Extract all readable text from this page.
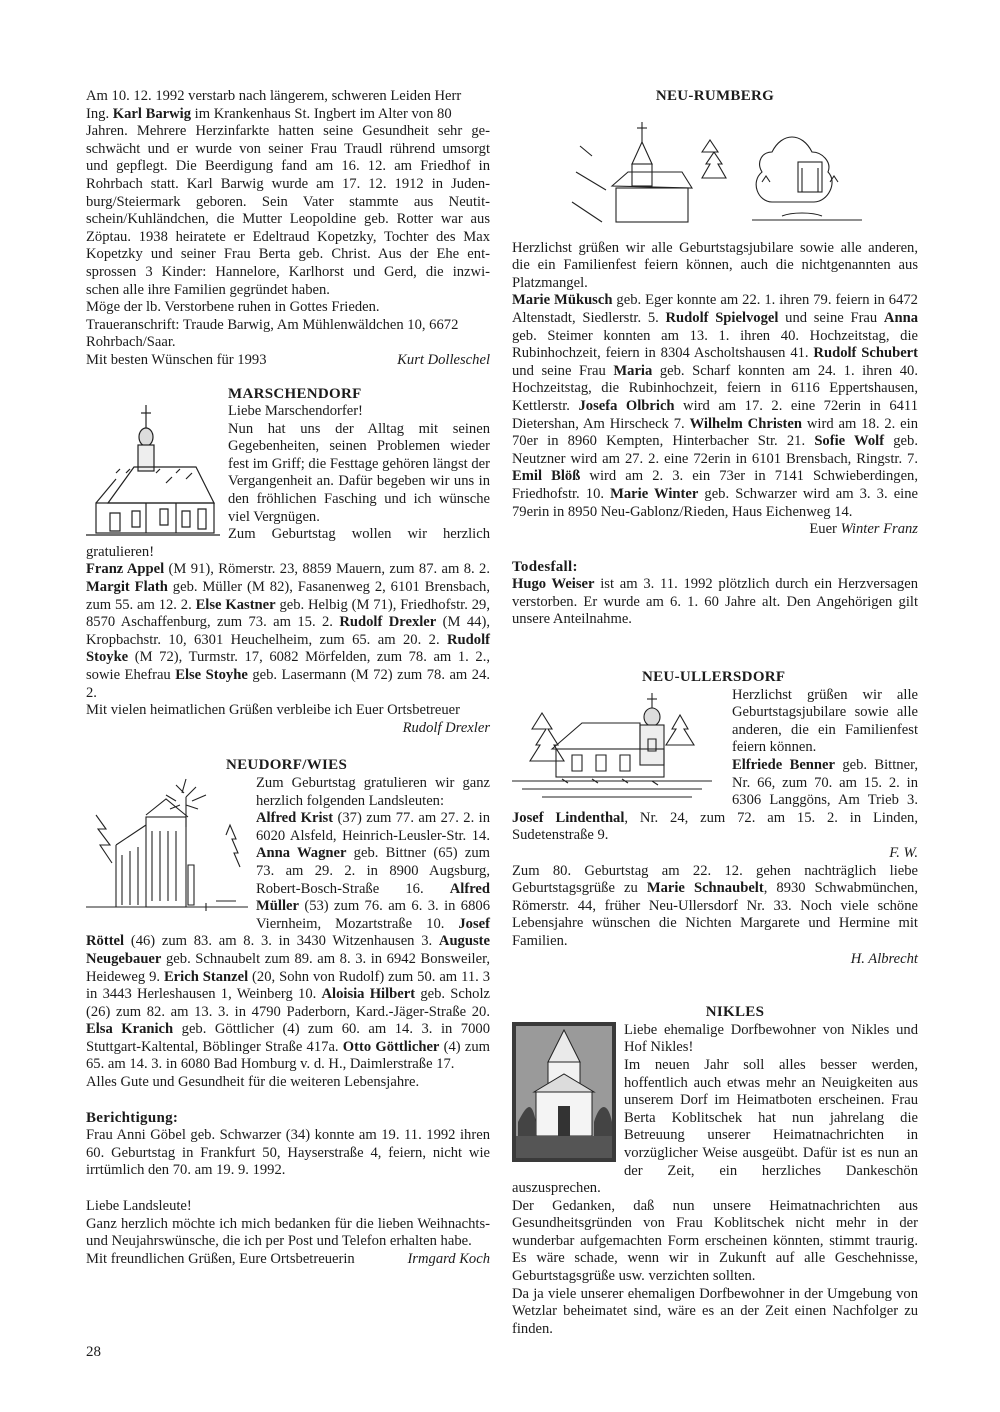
Am 10. 12. 1992 verstarb nach längerem, schweren Leiden Herr

Ing. Karl Barwig im Krankenhaus St. Ingbert im Alter von 80

Jahren. Mehrere Herzinfarkte hatten seine Gesundheit sehr ge-

schwächt und er wurde von seiner Frau Traudl rührend umsorgt

und gepflegt. Die Beerdigung fand am 16. 12. am Friedhof in

Rohrbach statt. Karl Barwig wurde am 17. 12. 1912 in Juden-

burg/Steiermark geboren. Sein Vater stammte aus Neutit-

schein/Kuhländchen, die Mutter Leopoldine geb. Rotter war aus

Zöptau. 1938 heiratete er Edeltraud Kopetzky, Tochter des Max

Kopetzky und seiner Frau Berta geb. Christ. Aus der Ehe ent-

sprossen 3 Kinder: Hannelore, Karlhorst und Gerd, die inzwi-

schen alle ihre Familien gegründet haben.

Möge der lb. Verstorbene ruhen in Gottes Frieden.

Traueranschrift: Traude Barwig, Am Mühlenwäldchen 10, 6672

Rohrbach/Saar.

Mit besten Wünschen für 1993	Kurt Dolleschel
MARSCHENDORF

Liebe Marschendorfer!

Nun hat uns der Alltag mit seinen Gegebenheiten, seinen Problemen wieder fest im Griff; die Festtage gehören längst der Vergangenheit an. Dafür begeben wir uns in den fröhlichen Fasching und ich wünsche viel Vergnügen.

Zum Geburtstag wollen wir herzlich gratulieren!

Franz Appel (M 91), Römerstr. 23, 8859 Mauern, zum 87. am 8. 2. Margit Flath geb. Müller (M 82), Fasanenweg 2, 6101 Brensbach, zum 55. am 12. 2. Else Kastner geb. Helbig (M 71), Friedhofstr. 29, 8570 Aschaffenburg, zum 73. am 15. 2. Rudolf Drexler (M 44), Kropbachstr. 10, 6301 Heuchelheim, zum 65. am 20. 2. Rudolf Stoyke (M 72), Turmstr. 17, 6082 Mörfelden, zum 78. am 1. 2., sowie Ehefrau Else Stoyhe geb. Lasermann (M 72) zum 78. am 24. 2.

Mit vielen heimatlichen Grüßen verbleibe ich Euer Ortsbetreuer

Rudolf Drexler

NEUDORF/WIES

Zum Geburtstag gratulieren wir ganz herzlich folgenden Landsleuten:

Alfred Krist (37) zum 77. am 27. 2. in 6020 Alsfeld, Heinrich-Leusler-Str. 14. Anna Wagner geb. Bittner (65) zum 73. am 29. 2. in 8900 Augsburg, Robert-Bosch-Straße 16. Alfred Müller (53) zum 76. am 6. 3. in 6806 Viernheim, Mozartstraße 10. Josef Röttel (46) zum 83. am 8. 3. in 3430 Witzenhausen 3. Auguste Neugebauer geb. Schnaubelt zum 89. am 8. 3. in 6942 Bonsweiler, Heideweg 9. Erich Stanzel (20, Sohn von Rudolf) zum 50. am 11. 3 in 3443 Herleshausen 1, Weinberg 10. Aloisia Hilbert geb. Scholz (26) zum 82. am 13. 3. in 4790 Paderborn, Kard.-Jäger-Straße 20. Elsa Kranich geb. Göttlicher (4) zum 60. am 14. 3. in 7000 Stuttgart-Kaltental, Böblinger Straße 417a. Otto Göttlicher (4) zum 65. am 14. 3. in 6080 Bad Homburg v. d. H., Daimlerstraße 17.

Alles Gute und Gesundheit für die weiteren Lebensjahre.

Berichtigung:

Frau Anni Göbel geb. Schwarzer (34) konnte am 19. 11. 1992 ihren 60. Geburtstag in Frankfurt 50, Hayserstraße 4, feiern, nicht wie irrtümlich den 70. am 19. 9. 1992.

Liebe Landsleute!

Ganz herzlich möchte ich mich bedanken für die lieben Weihnachts- und Neujahrswünsche, die ich per Post und Telefon erhalten habe.

Mit freundlichen Grüßen, Eure Ortsbetreuerin	Irmgard Koch
NEU-RUMBERG

Herzlichst grüßen wir alle Geburtstagsjubilare sowie alle anderen, die ein Familienfest feiern können, auch die nichtgenannten aus Platzmangel.

Marie Mükusch geb. Eger konnte am 22. 1. ihren 79. feiern in 6472 Altenstadt, Siedlerstr. 5. Rudolf Spielvogel und seine Frau Anna geb. Steimer konnten am 13. 1. ihren 40. Hochzeitstag, die Rubinhochzeit, feiern in 8304 Ascholtshausen 41. Rudolf Schubert und seine Frau Maria geb. Scharf konnten am 24. 1. ihren 40. Hochzeitstag, die Rubinhochzeit, feiern in 6116 Eppertshausen, Kettlerstr. Josefa Olbrich wird am 17. 2. eine 72erin in 6411 Dietershan, Am Hirscheck 7. Wilhelm Christen wird am 18. 2. ein 70er in 8960 Kempten, Hinterbacher Str. 21. Sofie Wolf geb. Neutzner wird am 27. 2. eine 72erin in 6101 Brensbach, Ringstr. 7. Emil Blöß wird am 2. 3. ein 73er in 7141 Schwieberdingen, Friedhofstr. 10. Marie Winter geb. Schwarzer wird am 3. 3. eine 79erin in 8950 Neu-Gablonz/Rieden, Haus Eichenweg 14.

Euer Winter Franz

Todesfall:

Hugo Weiser ist am 3. 11. 1992 plötzlich durch ein Herzversagen verstorben. Er wurde am 6. 1. 60 Jahre alt. Den Angehörigen gilt unsere Anteilnahme.

NEU-ULLERSDORF

Herzlichst grüßen wir alle Geburtstagsjubilare sowie alle anderen, die ein Familienfest feiern können.

Elfriede Benner geb. Bittner, Nr. 66, zum 70. am 15. 2. in 6306 Langgöns, Am Trieb 3. Josef Lindenthal, Nr. 24, zum 72. am 15. 2. in Linden, Sudetenstraße 9.

F. W.

Zum 80. Geburtstag am 22. 12. gehen nachträglich liebe Geburtstagsgrüße zu Marie Schnaubelt, 8930 Schwabmünchen, Römerstr. 44, früher Neu-Ullersdorf Nr. 33. Noch viele schöne Lebensjahre wünschen die Nichten Margarete und Hermine mit Familien.

H. Albrecht

NIKLES

Liebe ehemalige Dorfbewohner von Nikles und Hof Nikles!

Im neuen Jahr soll alles besser werden, hoffentlich auch etwas mehr an Neuigkeiten aus unserem Dorf im Heimatboten erscheinen. Frau Berta Koblitschek hat nun jahrelang die Betreuung unserer Heimatnachrichten in vorzüglicher Weise ausgeübt. Dafür ist es nun an der Zeit, ein herzliches Dankeschön auszusprechen.

Der Gedanken, daß nun unsere Heimatnachrichten aus Gesundheitsgründen von Frau Koblitschek nicht mehr in der wunderbar aufgemachten Form erscheinen könnten, stimmt traurig. Es wäre schade, wenn wir in Zukunft auf alle Geschehnisse, Geburtstagsgrüße usw. verzichten sollten.

Da ja viele unserer ehemaligen Dorfbewohner in der Umgebung von Wetzlar beheimatet sind, wäre es an der Zeit einen Nachfolger zu finden.

28
